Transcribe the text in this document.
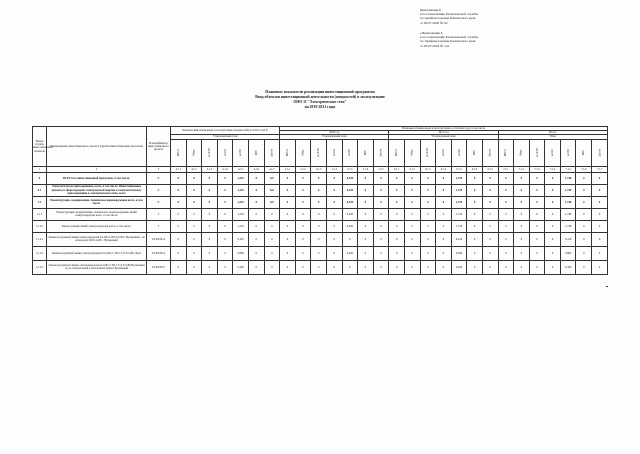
Приложение 6
к постановлению Региональной службы
по тарифам и ценам Камчатского края
от 00.07.2020 № 92
«Приложение 6
к постановлению Региональной службы
по тарифам и ценам Камчатского края
от 03.07.2018 № 141
Плановые показатели реализации инвестиционной программы
Ввод объектов инвестиционной деятельности (мощностей) в эксплуатацию
ОНО 11 "Электрические сети"
на 2019-2021 годы
Номер группы инвестиционных проектов	Наименование инвестиционного проекта (группы инвестиционных проектов)	Идентификатор инвестиционного проекта	Фактический объем ввода в эксплуатацию (мощностей) на 01.01.года N							Плановые объемы ввода в эксплуатацию в отчетном году, в том числе																				
										2020 год							2021 год							Итого						
			Утвержденный план							Утвержденный план							Утвержденный план							План						
			МВ×А	Мвар	км ЛЭП	км КЛ	км ВЛ	МВт	Другое	МВ×А	Мвар	км ЛЭП	км КЛ	км ВЛ	МВт	Другое	МВ×А	Мвар	км ЛЭП	км КЛ	км ВЛ	МВт	Другое	МВ×А	Мвар	км ЛЭП	км КЛ	км ВЛ	МВт	Другое
1	2	3	4.1.1	4.1.2	4.1.3	4.1.4	4.1.5	4.1.6	4.1.7	5.1.1	5.1.2	5.1.3	5.1.4	5.1.5	5.1.6	5.1.7	6.1.1	6.1.2	6.1.3	6.1.4	6.1.5	6.1.6	6.1.7	7.1.1	7.1.2	7.1.3	7.1.4	7.1.5	7.1.6	7.1.7
0	ВСЕГО по инвестиционной программе, в том числе:	Г	0	0	0	0	1,219	0	0,0	0	0	0	0	0,420	0	0	0	0	0	0	1,319	0	0	0	0	0	0	1,748	0	0
0.1	Технологическое присоединение, всего, в том числе: Инвестиционные проекты в сфере передачи электрической энергии к технологическому присоединению к электрическим сетям, всего	Г	0	0	0	0	1,219	0	0,0	0	0	0	0	0,420	0	0	0	0	0	0	1,319	0	0	0	0	0	0	1,748	0	0
1.1	Реконструкция, модернизация, техническое перевооружение всего, в том числе:	Г	0	0	0	0	1,219	0	0,0	0	0	0	0	0,420	0	0	0	0	0	0	1,319	0	0	0	0	0	0	1,748	0	0
1.1.1	Реконструкция, модернизация, техническое перевооружение линий электропередачи всего, в том числе:	Г	0	0	0	0	1,219	0	0	0	0	0	0	0,420	0	0	0	0	0	0	1,319	0	0	0	0	0	0	1,748	0	0
1.1.2.1	Реконструкция линий электропередачи всего, в том числе:	Г	0	0	0	0	1,219	0	0	0	0	0	0	0,420	0	0	0	0	0	0	1,319	0	0	0	0	0	0	1,748	0	0
1.1.2.1	Замена воздушной линии электропередачи 0,4 кВ от ВЛ-10 кВ п. Вулканный - на кабельную ВЛ-0,4 кВ с. Вулканный	I/0.00/2014	0	0	0	0	0,419	0	0	0	0	0	0	0	0	0	0	0	0	0	0,419	0	0	0	0	0	0	0,419	0	0
1.1.2.2	Замена воздушной линии электропередачи 0,4 кВ от ТП-13 (3-25 кВ) "Дом"	I/0.00/2014	0	0	0	0	0,800	0	0	0	0	0	0	0,420	0	0	0	0	0	0	0,400	0	0	0	0	0	0	0,800	0	0
1.1.2.3	Замена воздушной линии электропередачи 0,4 кВ от ТП-13 (3-25 кВ) Вулканный до ул. Центральной в населенном пункте Вулканный	I/0.00/2015	0	0	0	0	0,420	0	0	0	0	0	0	0	0	0	0	0	0	0	0,420	0	0	0	0	0	0	0,420	0	0
